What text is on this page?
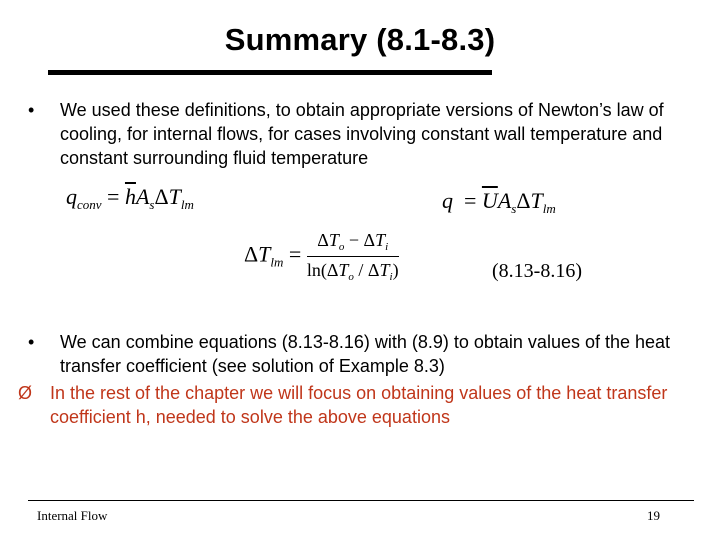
Summary (8.1-8.3)
• We used these definitions, to obtain appropriate versions of Newton’s law of cooling, for internal flows, for cases involving constant wall temperature and constant surrounding fluid temperature
$q_{conv} = \overline{h}A_s\Delta T_{lm}$	$q = \overline{U}A_s\Delta T_{lm}$
$\Delta T_{lm} = \frac{\Delta T_o - \Delta T_i}{\ln(\Delta T_o / \Delta T_i)}$	(8.13-8.16)
• We can combine equations (8.13-8.16) with (8.9) to obtain values of the heat transfer coefficient (see solution of Example 8.3)
Ø In the rest of the chapter we will focus on obtaining values of the heat transfer coefficient h, needed to solve the above equations
Internal Flow	19
